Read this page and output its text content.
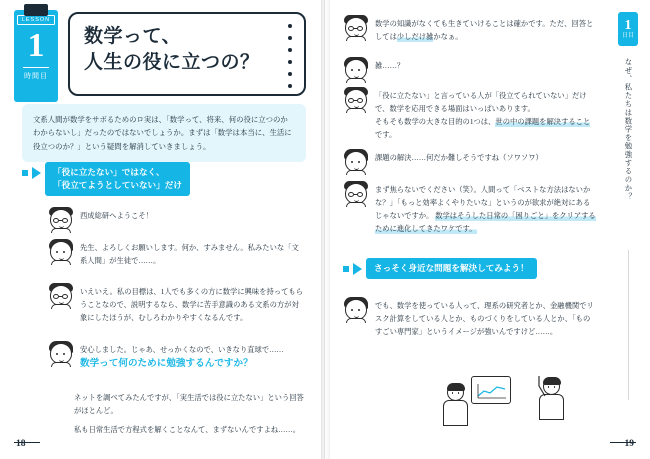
LESSON
1
時間目
数学って、
人生の役に立つの？

文系人間が数学をサボるためのロ実は、「数学って、将来、何の役に立つのかわからないし」だったのではないでしょうか。まずは「数学は本当に、生活に役立つのか？」という疑問を解消していきましょう。

「役に立たない」ではなく、
「役立てようとしていない」だけ
西成総研へようこそ！
先生、よろしくお願いします。何か、すみません。私みたいな「文系人間」が生徒で……。
いえいえ。私の目標は、1人でも多くの方に数学に興味を持ってもらうことなので、説明するなら、数学に苦手意識のある文系の方が対象にしたほうが、むしろわかりやすくなるんです。
安心しました。じゃあ、せっかくなので、いきなり直球で……
数学って何のために勉強するんですか？
ネットを調べてみたんですが、「実生活では役に立たない」という回答がほとんど。
私も日常生活で方程式を解くことなんて、まずないんですよね……。
18
1
日目
なぜ、私たちは数学を勉強するのか？
数学の知識がなくても生きていけることは確かです。ただ、回答としては少しだけ雑かなぁ。
雑……？
「役に立たない」と言っている人が「役立てられていない」だけで、数学を応用できる場面はいっぱいあります。
そもそも数学の大きな目的の1つは、世の中の課題を解決することです。
課題の解決……何だか難しそうですね（ソワソワ）
まず焦らないでください（笑）。人間って「ベストな方法はないかな？」「もっと効率よくやりたいな」というのが欲求が絶対にあるじゃないですか。 数学はそうした日常の「困りごと」をクリアするために進化してきたワケです。
さっそく身近な問題を解決してみよう！
でも、数学を使っている人って、理系の研究者とか、金融機関でリスク計算をしている人とか、ものづくりをしている人とか、「ものすごい専門家」というイメージが強いんですけど……。
19
